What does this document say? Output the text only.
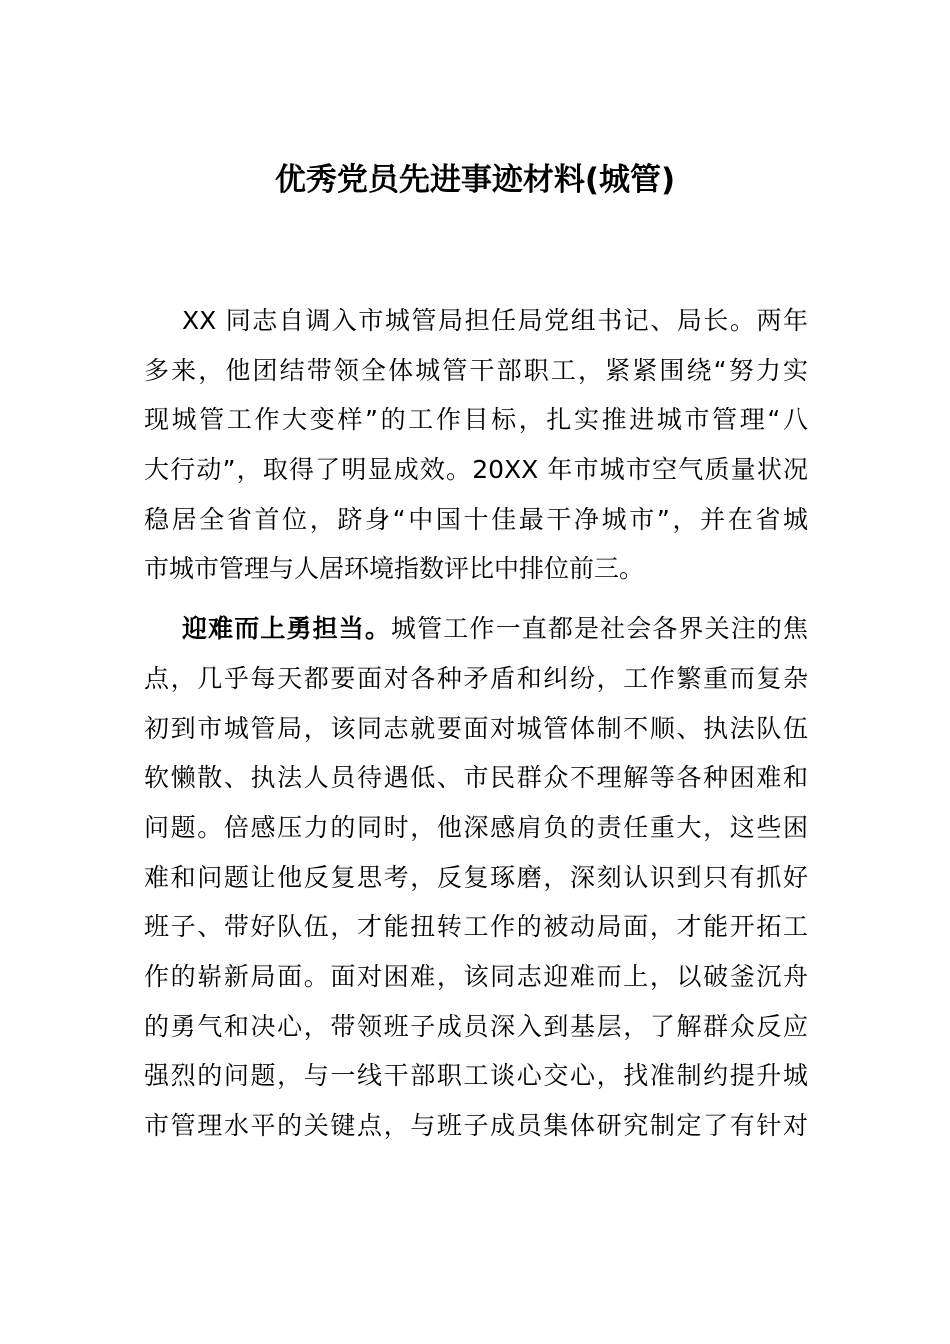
优秀党员先进事迹材料(城管)
XX 同志自调入市城管局担任局党组书记、局长。两年
多来，他团结带领全体城管干部职工，紧紧围绕“努力实
现城管工作大变样”的工作目标，扎实推进城市管理“八
大行动”，取得了明显成效。20XX 年市城市空气质量状况
稳居全省首位，跻身“中国十佳最干净城市”，并在省城
市城市管理与人居环境指数评比中排位前三。
迎难而上勇担当。城管工作一直都是社会各界关注的焦
点，几乎每天都要面对各种矛盾和纠纷，工作繁重而复杂
初到市城管局，该同志就要面对城管体制不顺、执法队伍
软懒散、执法人员待遇低、市民群众不理解等各种困难和
问题。倍感压力的同时，他深感肩负的责任重大，这些困
难和问题让他反复思考，反复琢磨，深刻认识到只有抓好
班子、带好队伍，才能扭转工作的被动局面，才能开拓工
作的崭新局面。面对困难，该同志迎难而上，以破釜沉舟
的勇气和决心，带领班子成员深入到基层，了解群众反应
强烈的问题，与一线干部职工谈心交心，找准制约提升城
市管理水平的关键点，与班子成员集体研究制定了有针对
